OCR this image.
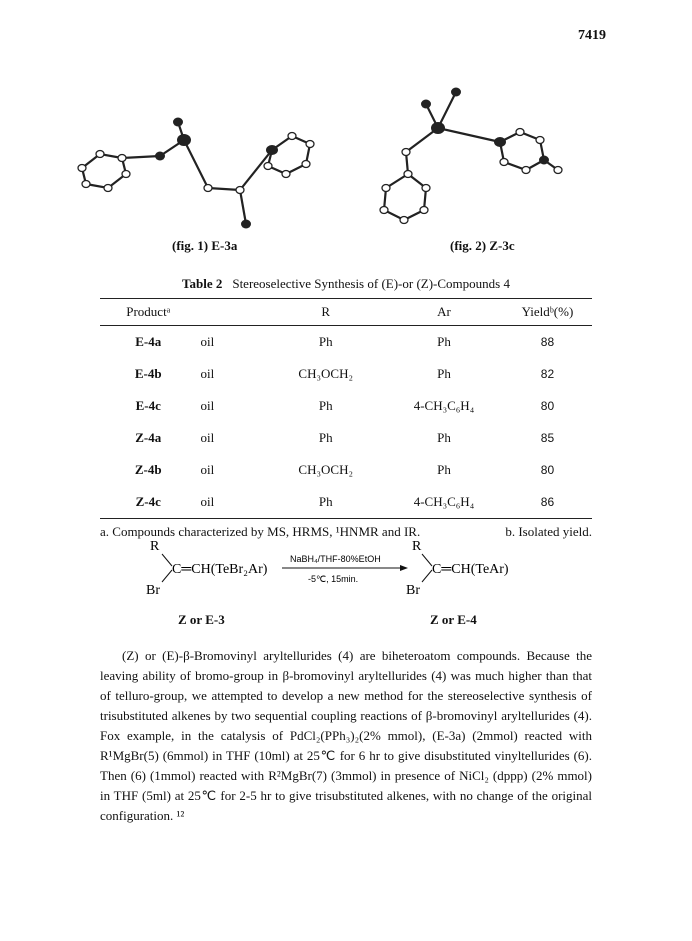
7419
(fig. 1) E-3a	(fig. 2) Z-3c
Table 2 Stereoselective Synthesis of (E)-or (Z)-Compounds 4
Productᵃ		R	Ar	Yieldᵇ(%)
E-4a	oil	Ph	Ph	88
E-4b	oil	CH₃OCH₂	Ph	82
E-4c	oil	Ph	4-CH₃C₆H₄	80
Z-4a	oil	Ph	Ph	85
Z-4b	oil	CH₃OCH₂	Ph	80
Z-4c	oil	Ph	4-CH₃C₆H₄	86
a. Compounds characterized by MS, HRMS, ¹HNMR and IR.	b. Isolated yield.
R
Br
C═CH(TeBr₂Ar)
NaBH₄/THF-80%EtOH
-5℃, 15min.
R
Br
C═CH(TeAr)
Z or E-3	Z or E-4

(Z) or (E)-β-Bromovinyl aryltellurides (4) are biheteroatom compounds. Because the leaving ability of bromo-group in β-bromovinyl aryltellurides (4) was much higher than that of telluro-group, we attempted to develop a new method for the stereoselective synthesis of trisubstituted alkenes by two sequential coupling reactions of β-bromovinyl aryltellurides (4). Fox example, in the catalysis of PdCl₂(PPh₃)₂(2% mmol), (E-3a) (2mmol) reacted with R¹MgBr(5) (6mmol) in THF (10ml) at 25℃ for 6 hr to give disubstituted vinyltellurides (6). Then (6) (1mmol) reacted with R²MgBr(7) (3mmol) in presence of NiCl₂ (dppp) (2% mmol) in THF (5ml) at 25℃ for 2-5 hr to give trisubstituted alkenes, with no change of the original configuration. ¹²
